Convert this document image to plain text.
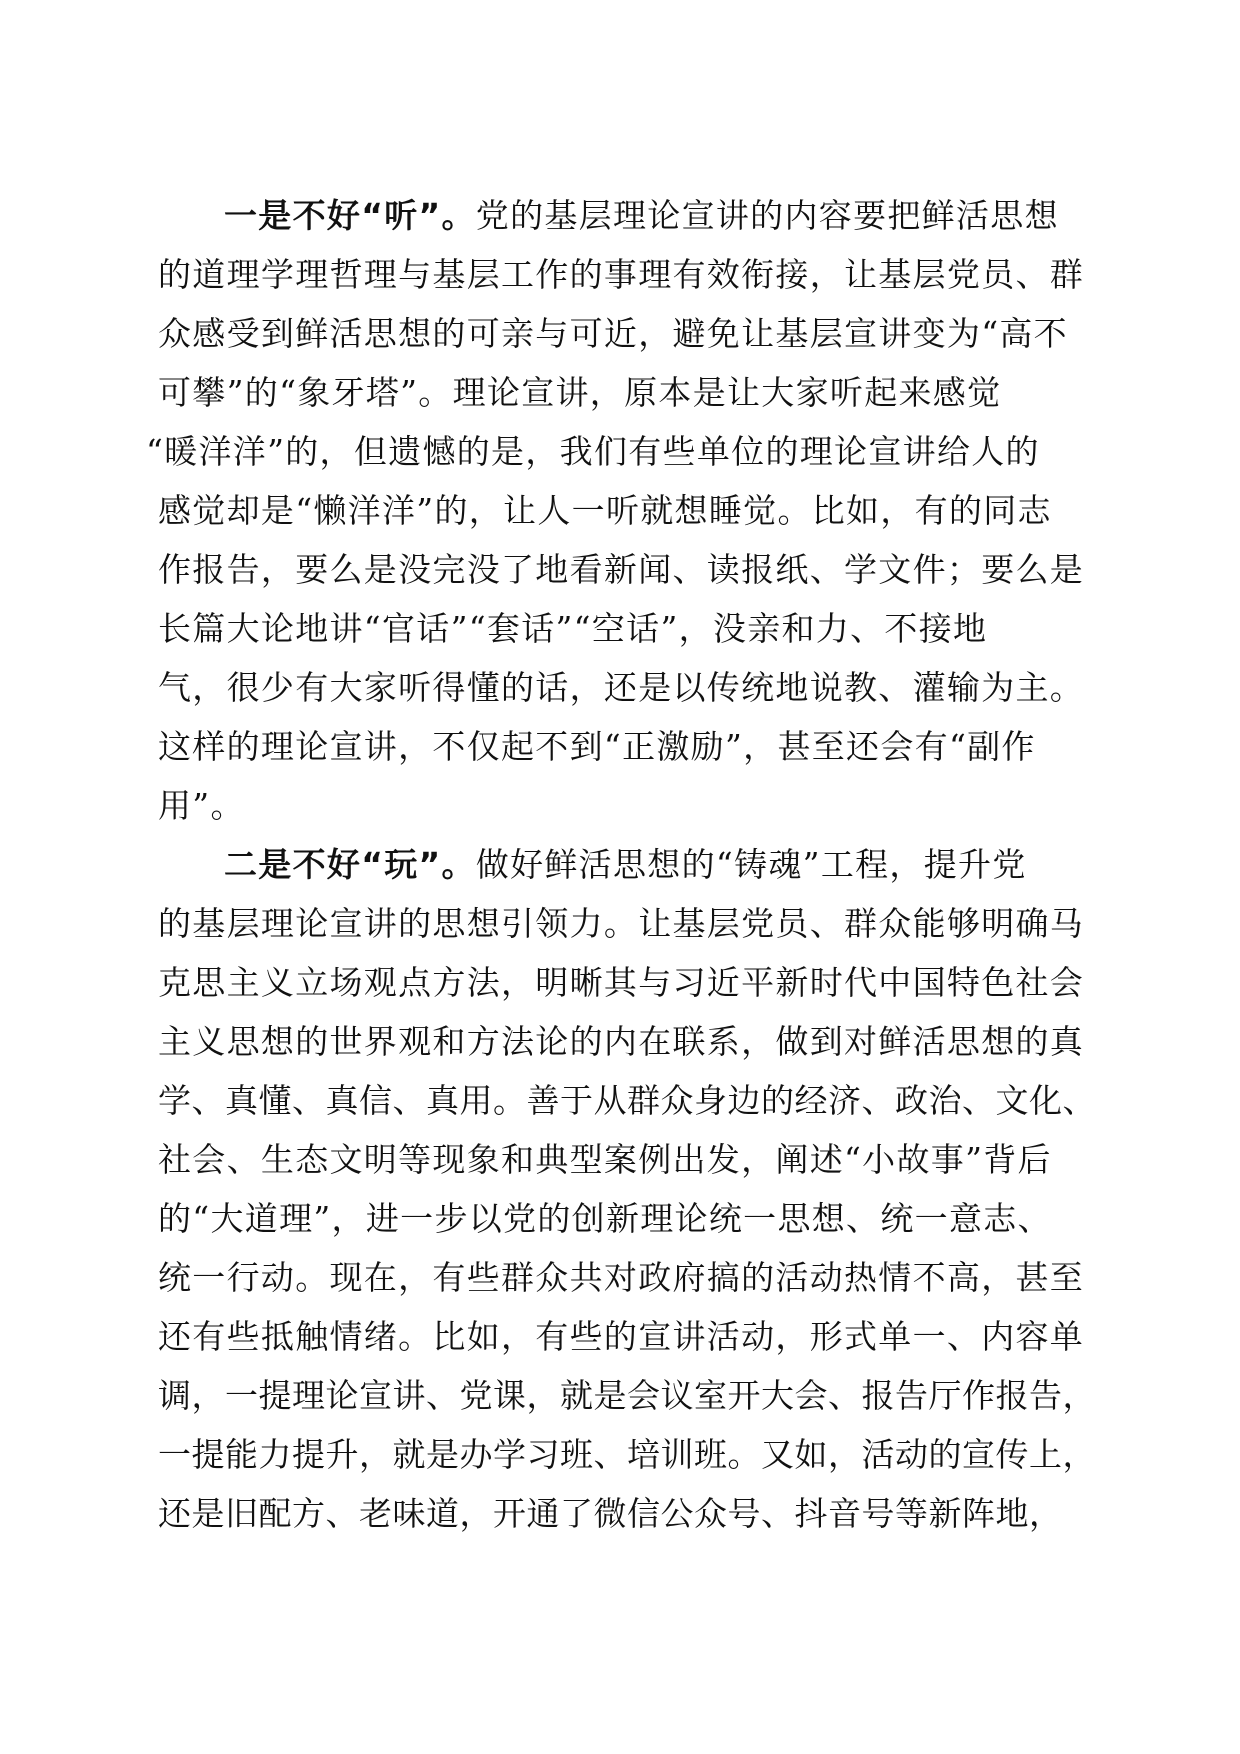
一是不好“听”。党的基层理论宣讲的内容要把鲜活思想
的道理学理哲理与基层工作的事理有效衔接，让基层党员、群
众感受到鲜活思想的可亲与可近，避免让基层宣讲变为“高不
可攀”的“象牙塔”。理论宣讲，原本是让大家听起来感觉
“暖洋洋”的，但遗憾的是，我们有些单位的理论宣讲给人的
感觉却是“懒洋洋”的，让人一听就想睡觉。比如，有的同志
作报告，要么是没完没了地看新闻、读报纸、学文件；要么是
长篇大论地讲“官话”“套话”“空话”，没亲和力、不接地
气，很少有大家听得懂的话，还是以传统地说教、灌输为主。
这样的理论宣讲，不仅起不到“正激励”，甚至还会有“副作
用”。
二是不好“玩”。做好鲜活思想的“铸魂”工程，提升党
的基层理论宣讲的思想引领力。让基层党员、群众能够明确马
克思主义立场观点方法，明晰其与习近平新时代中国特色社会
主义思想的世界观和方法论的内在联系，做到对鲜活思想的真
学、真懂、真信、真用。善于从群众身边的经济、政治、文化、
社会、生态文明等现象和典型案例出发，阐述“小故事”背后
的“大道理”，进一步以党的创新理论统一思想、统一意志、
统一行动。现在，有些群众共对政府搞的活动热情不高，甚至
还有些抵触情绪。比如，有些的宣讲活动，形式单一、内容单
调，一提理论宣讲、党课，就是会议室开大会、报告厅作报告，
一提能力提升，就是办学习班、培训班。又如，活动的宣传上，
还是旧配方、老味道，开通了微信公众号、抖音号等新阵地，
